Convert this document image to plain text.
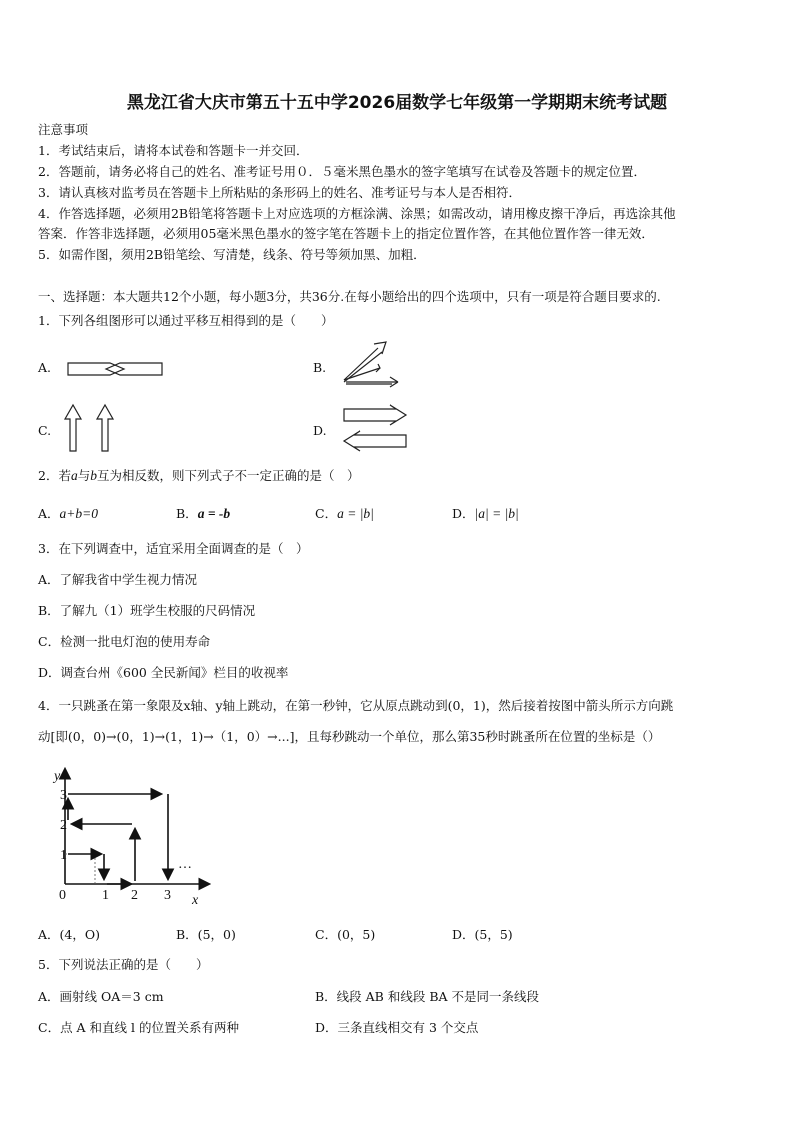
黑龙江省大庆市第五十五中学2026届数学七年级第一学期期末统考试题
注意事项
1．考试结束后，请将本试卷和答题卡一并交回．
2．答题前，请务必将自己的姓名、准考证号用０．５毫米黑色墨水的签字笔填写在试卷及答题卡的规定位置．
3．请认真核对监考员在答题卡上所粘贴的条形码上的姓名、准考证号与本人是否相符．
4．作答选择题，必须用2B铅笔将答题卡上对应选项的方框涂满、涂黑；如需改动，请用橡皮擦干净后，再选涂其他
答案．作答非选择题，必须用05毫米黑色墨水的签字笔在答题卡上的指定位置作答，在其他位置作答一律无效．
5．如需作图，须用2B铅笔绘、写清楚，线条、符号等须加黑、加粗．
一、选择题：本大题共12个小题，每小题3分，共36分.在每小题给出的四个选项中，只有一项是符合题目要求的.
1．下列各组图形可以通过平移互相得到的是（　　）
A.	B.
C.	D.
2．若a与b互为相反数，则下列式子不一定正确的是（　）
A．a+b=0	B．a = -b	C．a = |b|	D．|a| = |b|
3．在下列调查中，适宜采用全面调查的是（　）
A．了解我省中学生视力情况
B．了解九（1）班学生校服的尺码情况
C．检测一批电灯泡的使用寿命
D．调查台州《600 全民新闻》栏目的收视率
4．一只跳蚤在第一象限及x轴、y轴上跳动，在第一秒钟，它从原点跳动到(0，1)，然后接着按图中箭头所示方向跳
动[即(0，0)→(0，1)→(1，1)→（1，0）→...]，且每秒跳动一个单位，那么第35秒时跳蚤所在位置的坐标是（）
y
x
0	1 2 3
1
2
3
…
A．(4，O)	B．(5，0)	C．(0，5)	D．(5，5)
5．下列说法正确的是（　　）
A．画射线 OA＝3 cm	B．线段 AB 和线段 BA 不是同一条线段
C．点 A 和直线 l 的位置关系有两种	D．三条直线相交有 3 个交点
